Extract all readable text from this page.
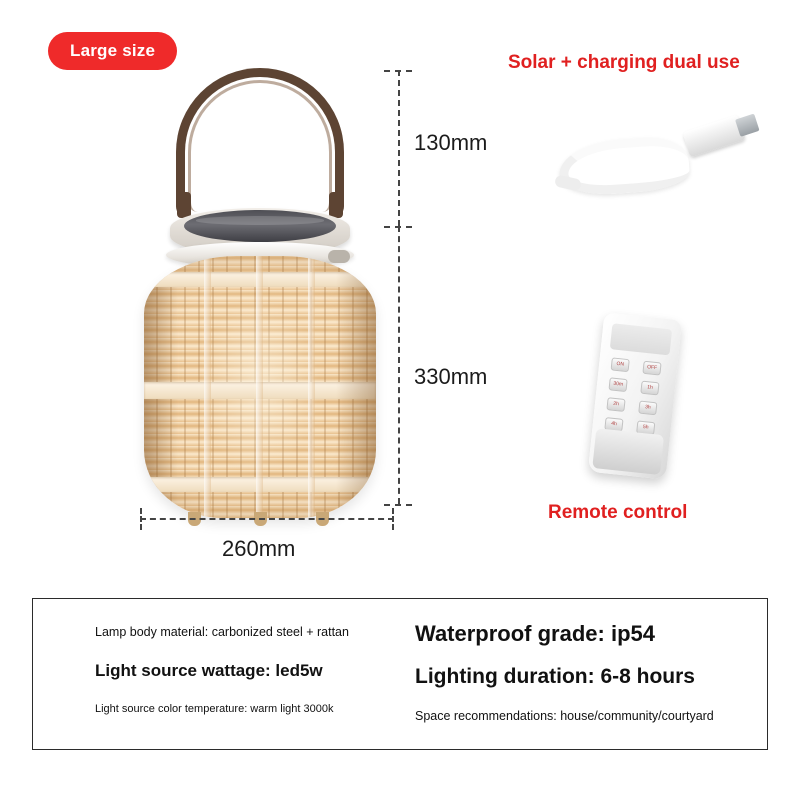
Large size
130mm
330mm
260mm
Solar + charging dual use
ON	OFF
30m	1h
2h
3h
4h
5h
Remote control
Lamp body material: carbonized steel + rattan
Light source wattage: led5w
Light source color temperature: warm light 3000k
Waterproof grade: ip54
Lighting duration: 6-8 hours
Space recommendations: house/community/courtyard
